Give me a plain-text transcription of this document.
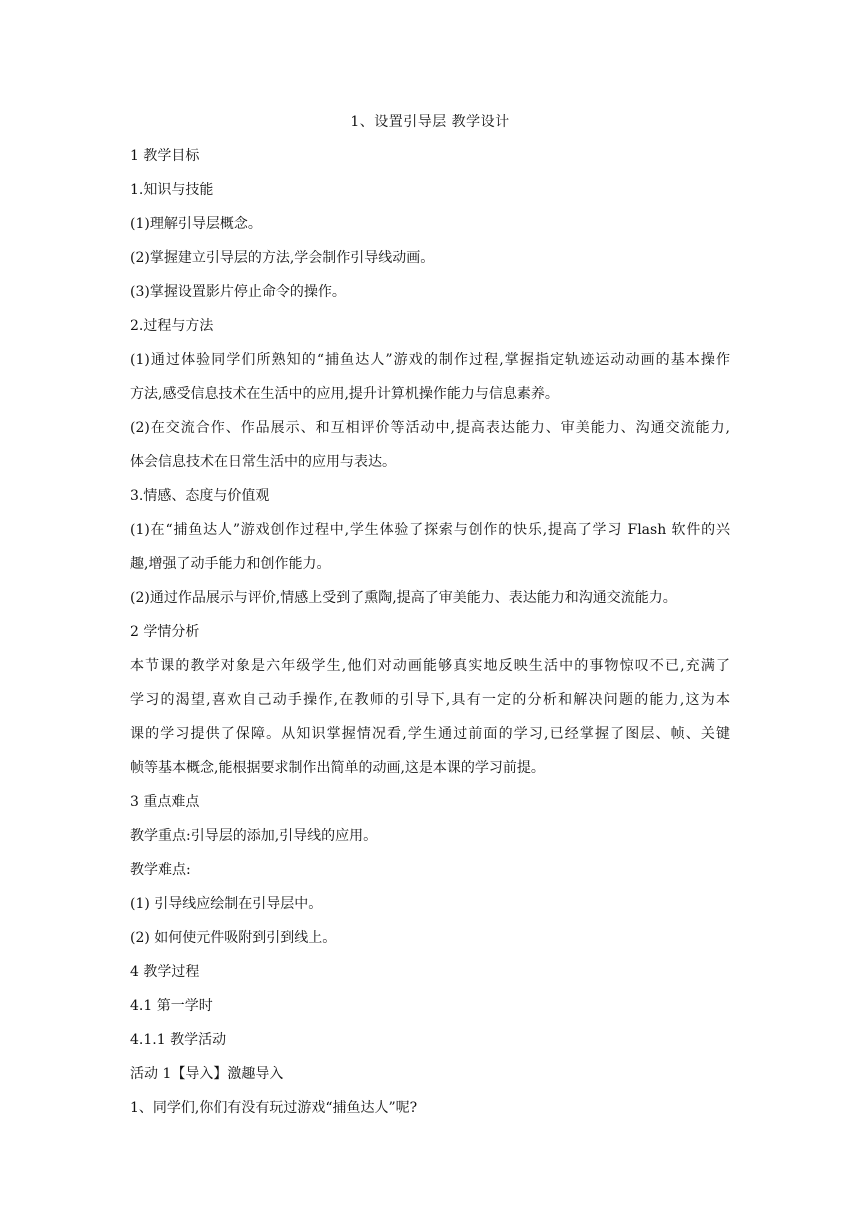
1、设置引导层 教学设计

1 教学目标

1.知识与技能

(1)理解引导层概念。

(2)掌握建立引导层的方法,学会制作引导线动画。

(3)掌握设置影片停止命令的操作。

2.过程与方法

(1)通过体验同学们所熟知的“捕鱼达人”游戏的制作过程,掌握指定轨迹运动动画的基本操作
方法,感受信息技术在生活中的应用,提升计算机操作能力与信息素养。
(2)在交流合作、作品展示、和互相评价等活动中,提高表达能力、审美能力、沟通交流能力,
体会信息技术在日常生活中的应用与表达。

3.情感、态度与价值观

(1)在“捕鱼达人”游戏创作过程中,学生体验了探索与创作的快乐,提高了学习 Flash 软件的兴
趣,增强了动手能力和创作能力。

(2)通过作品展示与评价,情感上受到了熏陶,提高了审美能力、表达能力和沟通交流能力。

2 学情分析

本节课的教学对象是六年级学生,他们对动画能够真实地反映生活中的事物惊叹不已,充满了
学习的渴望,喜欢自己动手操作,在教师的引导下,具有一定的分析和解决问题的能力,这为本
课的学习提供了保障。从知识掌握情况看,学生通过前面的学习,已经掌握了图层、帧、关键
帧等基本概念,能根据要求制作出简单的动画,这是本课的学习前提。

3 重点难点

教学重点:引导层的添加,引导线的应用。

教学难点:

(1) 引导线应绘制在引导层中。

(2) 如何使元件吸附到引到线上。

4 教学过程

4.1 第一学时

4.1.1 教学活动

活动 1【导入】激趣导入

1、同学们,你们有没有玩过游戏“捕鱼达人”呢?
